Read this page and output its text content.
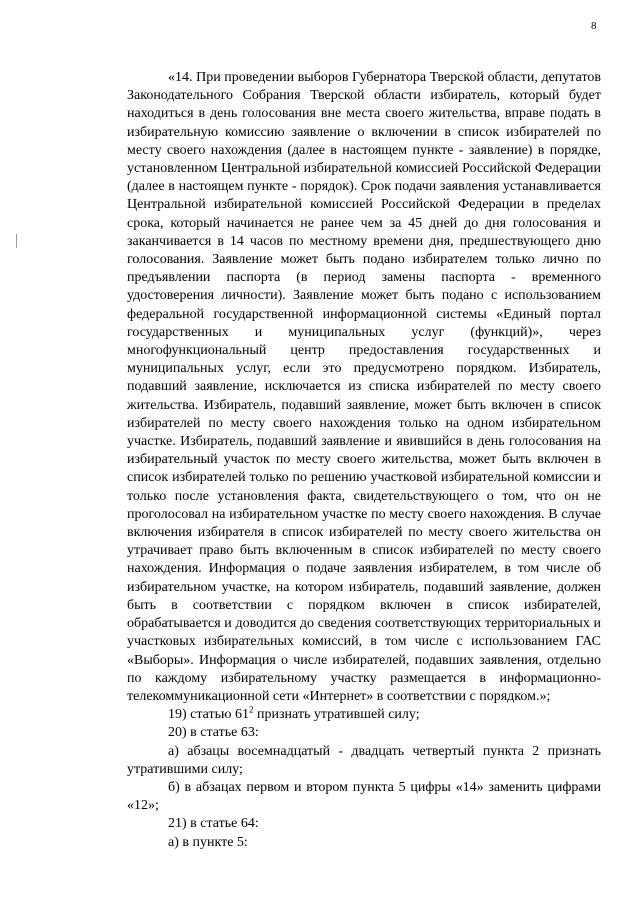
8

«14. При проведении выборов Губернатора Тверской области, депутатов Законодательного Собрания Тверской области избиратель, который будет находиться в день голосования вне места своего жительства, вправе подать в избирательную комиссию заявление о включении в список избирателей по месту своего нахождения (далее в настоящем пункте - заявление) в порядке, установленном Центральной избирательной комиссией Российской Федерации (далее в настоящем пункте - порядок). Срок подачи заявления устанавливается Центральной избирательной комиссией Российской Федерации в пределах срока, который начинается не ранее чем за 45 дней до дня голосования и заканчивается в 14 часов по местному времени дня, предшествующего дню голосования. Заявление может быть подано избирателем только лично по предъявлении паспорта (в период замены паспорта - временного удостоверения личности). Заявление может быть подано с использованием федеральной государственной информационной системы «Единый портал государственных и муниципальных услуг (функций)», через многофункциональный центр предоставления государственных и муниципальных услуг, если это предусмотрено порядком. Избиратель, подавший заявление, исключается из списка избирателей по месту своего жительства. Избиратель, подавший заявление, может быть включен в список избирателей по месту своего нахождения только на одном избирательном участке. Избиратель, подавший заявление и явившийся в день голосования на избирательный участок по месту своего жительства, может быть включен в список избирателей только по решению участковой избирательной комиссии и только после установления факта, свидетельствующего о том, что он не проголосовал на избирательном участке по месту своего нахождения. В случае включения избирателя в список избирателей по месту своего жительства он утрачивает право быть включенным в список избирателей по месту своего нахождения. Информация о подаче заявления избирателем, в том числе об избирательном участке, на котором избиратель, подавший заявление, должен быть в соответствии с порядком включен в список избирателей, обрабатывается и доводится до сведения соответствующих территориальных и участковых избирательных комиссий, в том числе с использованием ГАС «Выборы». Информация о числе избирателей, подавших заявления, отдельно по каждому избирательному участку размещается в информационно-телекоммуникационной сети «Интернет» в соответствии с порядком.»;

19) статью $61^2$ признать утратившей силу;

20) в статье 63:

а) абзацы восемнадцатый - двадцать четвертый пункта 2 признать утратившими силу;

б) в абзацах первом и втором пункта 5 цифры «14» заменить цифрами «12»;

21) в статье 64:

а) в пункте 5:
